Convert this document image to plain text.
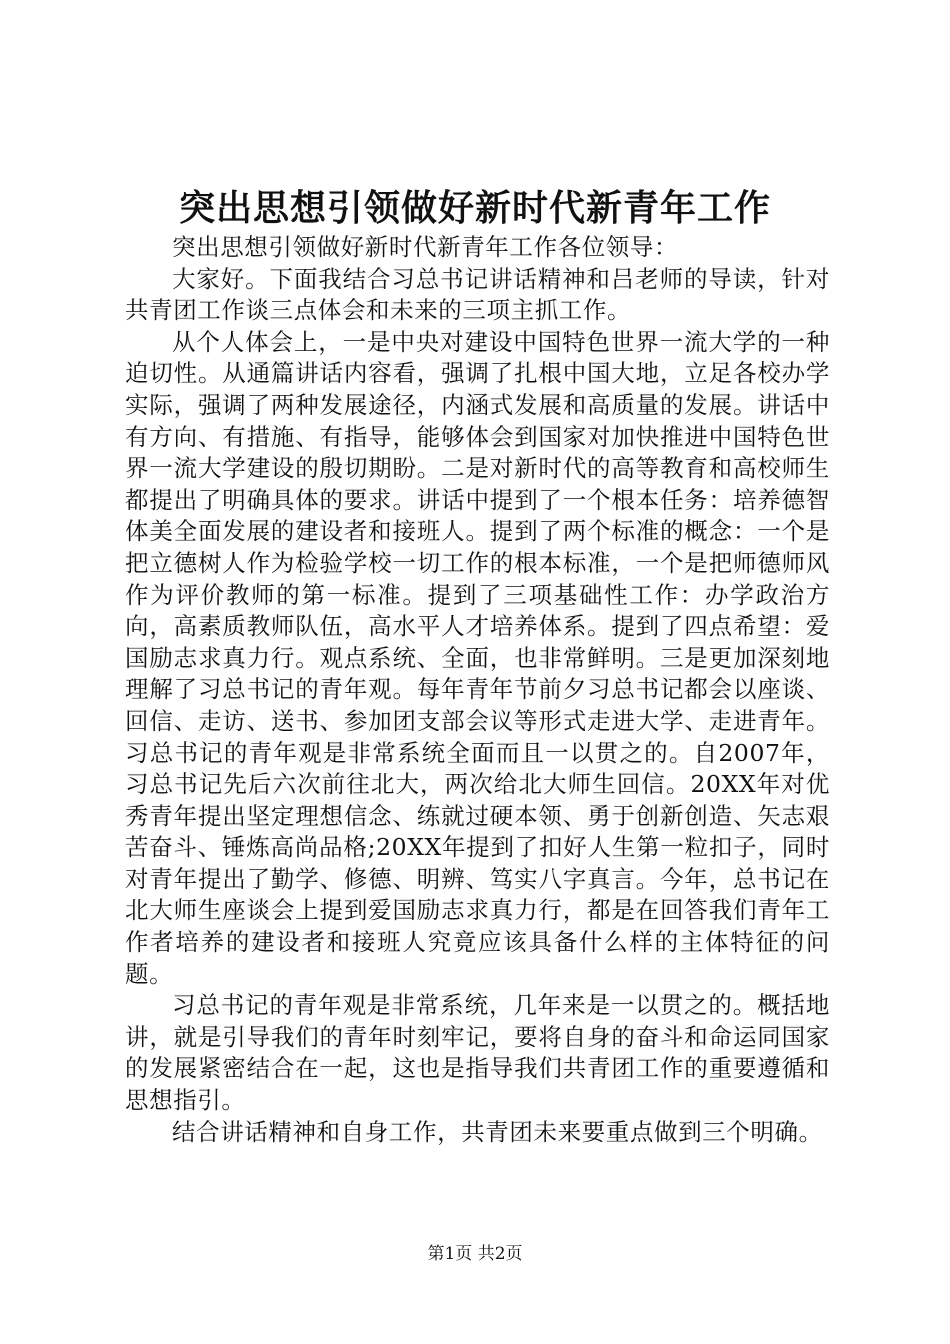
突出思想引领做好新时代新青年工作

突出思想引领做好新时代新青年工作各位领导：

大家好。下面我结合习总书记讲话精神和吕老师的导读，针对共青团工作谈三点体会和未来的三项主抓工作。

从个人体会上，一是中央对建设中国特色世界一流大学的一种迫切性。从通篇讲话内容看，强调了扎根中国大地，立足各校办学实际，强调了两种发展途径，内涵式发展和高质量的发展。讲话中有方向、有措施、有指导，能够体会到国家对加快推进中国特色世界一流大学建设的殷切期盼。二是对新时代的高等教育和高校师生都提出了明确具体的要求。讲话中提到了一个根本任务：培养德智体美全面发展的建设者和接班人。提到了两个标准的概念：一个是把立德树人作为检验学校一切工作的根本标准，一个是把师德师风作为评价教师的第一标准。提到了三项基础性工作：办学政治方向，高素质教师队伍，高水平人才培养体系。提到了四点希望：爱国励志求真力行。观点系统、全面，也非常鲜明。三是更加深刻地理解了习总书记的青年观。每年青年节前夕习总书记都会以座谈、回信、走访、送书、参加团支部会议等形式走进大学、走进青年。习总书记的青年观是非常系统全面而且一以贯之的。自2007年，习总书记先后六次前往北大，两次给北大师生回信。20XX年对优秀青年提出坚定理想信念、练就过硬本领、勇于创新创造、矢志艰苦奋斗、锤炼高尚品格;20XX年提到了扣好人生第一粒扣子，同时对青年提出了勤学、修德、明辨、笃实八字真言。今年，总书记在北大师生座谈会上提到爱国励志求真力行，都是在回答我们青年工作者培养的建设者和接班人究竟应该具备什么样的主体特征的问题。

习总书记的青年观是非常系统，几年来是一以贯之的。概括地讲，就是引导我们的青年时刻牢记，要将自身的奋斗和命运同国家的发展紧密结合在一起，这也是指导我们共青团工作的重要遵循和思想指引。

结合讲话精神和自身工作，共青团未来要重点做到三个明确。

第1页 共2页
